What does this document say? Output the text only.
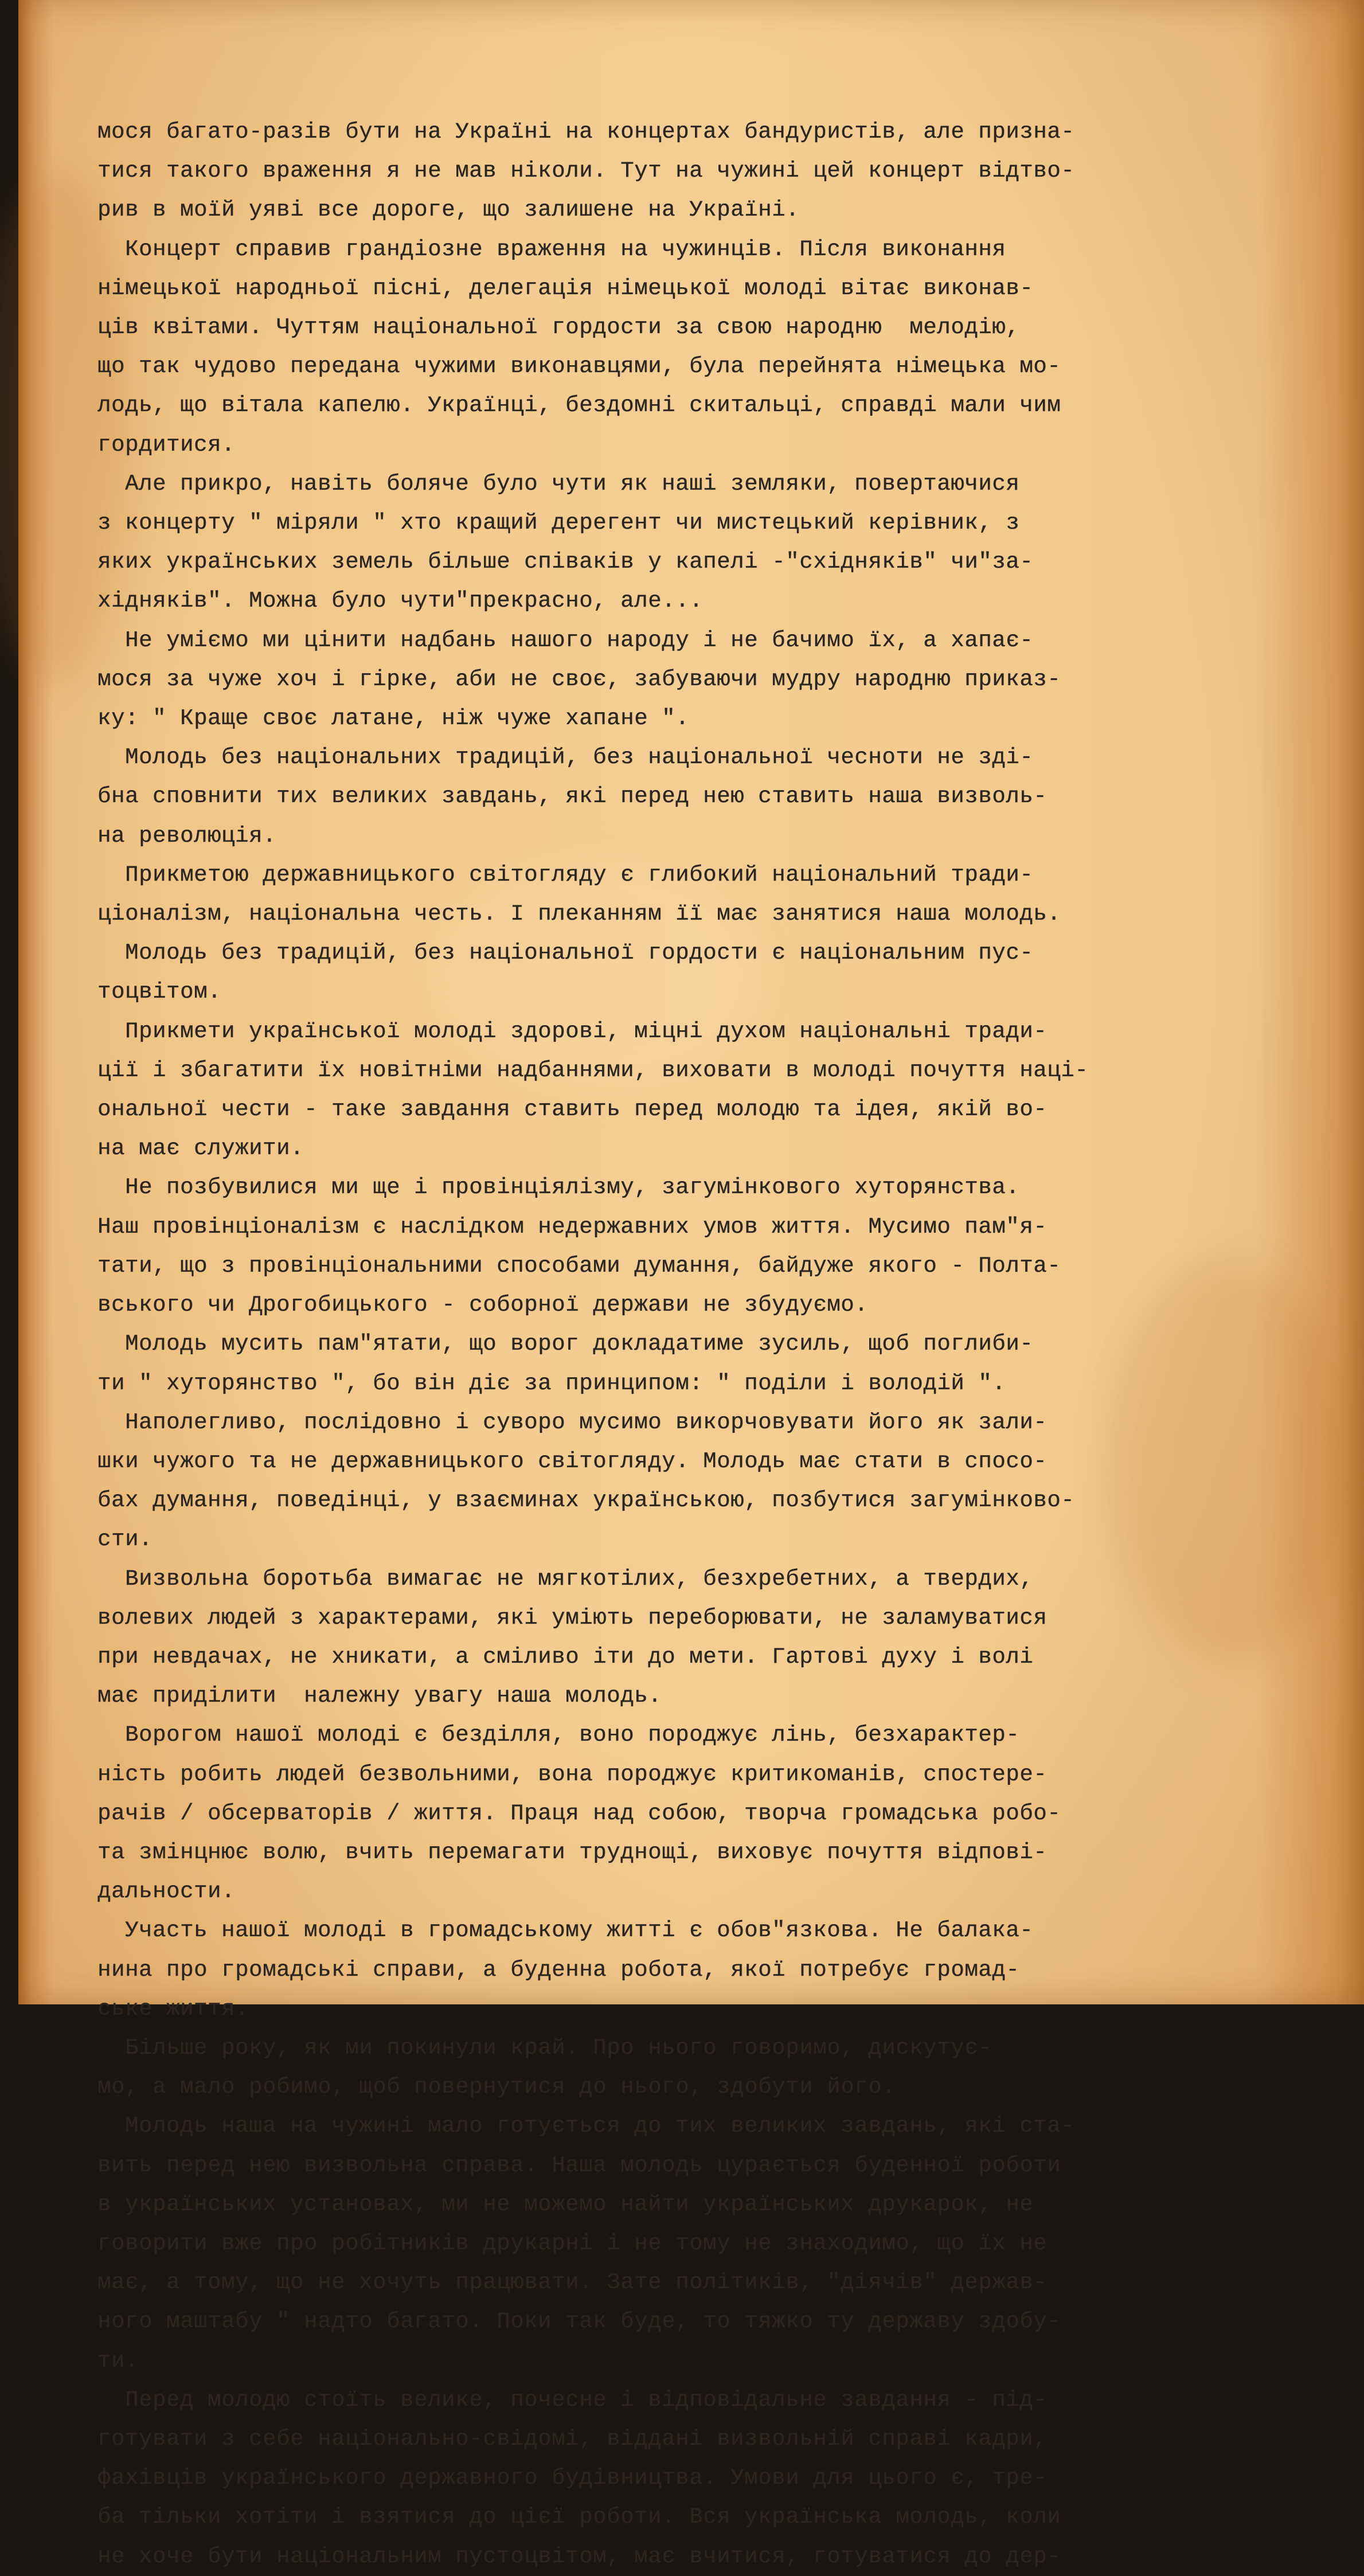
мося багато-разів бути на Україні на концертах бандуристів, але призна-
тися такого враження я не мав ніколи. Тут на чужині цей концерт відтво-
рив в моїй уяві все дороге, що залишене на Україні.

Концерт справив грандіозне враження на чужинців. Після виконання
німецької народньої пісні, делегація німецької молоді вітає виконав-
ців квітами. Чуттям національної гордости за свою народню  мелодію,
що так чудово передана чужими виконавцями, була перейнята німецька мо-
лодь, що вітала капелю. Українці, бездомні скитальці, справді мали чим
гордитися.

Але прикро, навіть боляче було чути як наші земляки, повертаючися
з концерту " міряли " хто кращий дерегент чи мистецький керівник, з
яких українських земель більше співаків у капелі -"східняків" чи"за-
хідняків". Можна було чути"прекрасно, але...

Не уміємо ми цінити надбань нашого народу і не бачимо їх, а хапає-
мося за чуже хоч і гірке, аби не своє, забуваючи мудру народню приказ-
ку: " Краще своє латане, ніж чуже хапане ".

Молодь без національних традицій, без національної чесноти не зді-
бна сповнити тих великих завдань, які перед нею ставить наша визволь-
на революція.

Прикметою державницького світогляду є глибокий національний тради-
ціоналізм, національна честь. І плеканням її має занятися наша молодь.

Молодь без традицій, без національної гордости є національним пус-
тоцвітом.

Прикмети української молоді здорові, міцні духом національні тради-
ції і збагатити їх новітніми надбаннями, виховати в молоді почуття наці-
ональної чести - таке завдання ставить перед молодю та ідея, якій во-
на має служити.

Не позбувилися ми ще і провінціялізму, загумінкового хуторянства.
Наш провінціоналізм є наслідком недержавних умов життя. Мусимо пам"я-
тати, що з провінціональними способами думання, байдуже якого - Полта-
вського чи Дрогобицького - соборної держави не збудуємо.

Молодь мусить пам"ятати, що ворог докладатиме зусиль, щоб поглиби-
ти " хуторянство ", бо він діє за принципом: " поділи і володій ".

Наполегливо, послідовно і суворо мусимо викорчовувати його як зали-
шки чужого та не державницького світогляду. Молодь має стати в спосо-
бах думання, поведінці, у взаєминах українською, позбутися загумінково-
сти.

Визвольна боротьба вимагає не мягкотілих, безхребетних, а твердих,
волевих людей з характерами, які уміють переборювати, не заламуватися
при невдачах, не хникати, а сміливо іти до мети. Гартові духу і волі
має приділити  належну увагу наша молодь.

Ворогом нашої молоді є безділля, воно породжує лінь, безхарактер-
ність робить людей безвольними, вона породжує критикоманів, спостере-
рачів / обсерваторів / життя. Праця над собою, творча громадська робо-
та змінцнює волю, вчить перемагати труднощі, виховує почуття відпові-
дальности.

Участь нашої молоді в громадському житті є обов"язкова. Не балака-
нина про громадські справи, а буденна робота, якої потребує громад-
ське життя.

Більше року, як ми покинули край. Про нього говоримо, дискутує-
мо, а мало робимо, щоб повернутися до нього, здобути його.

Молодь наша на чужині мало готується до тих великих завдань, які ста-
вить перед нею визвольна справа. Наша молодь цурається буденної роботи
в українських установах, ми не можемо найти українських друкарок, не
говорити вже про робітників друкарні і не тому не знаходимо, що їх не
має, а тому, що не хочуть працювати. Зате політиків, "діячів" держав-
ного маштабу " надто багато. Поки так буде, то тяжко ту державу здобу-
ти.

Перед молодю стоїть велике, почесне і відповідальне завдання - під-
готувати з себе національно-свідомі, віддані визвольній справі кадри,
фахівців українського державного будівництва. Умови для цього є, тре-
ба тільки хотіти і взятися до цієї роботи. Вся українська молодь, коли
не хоче бути національним пустоцвітом, має вчитися, готуватися до дер-
